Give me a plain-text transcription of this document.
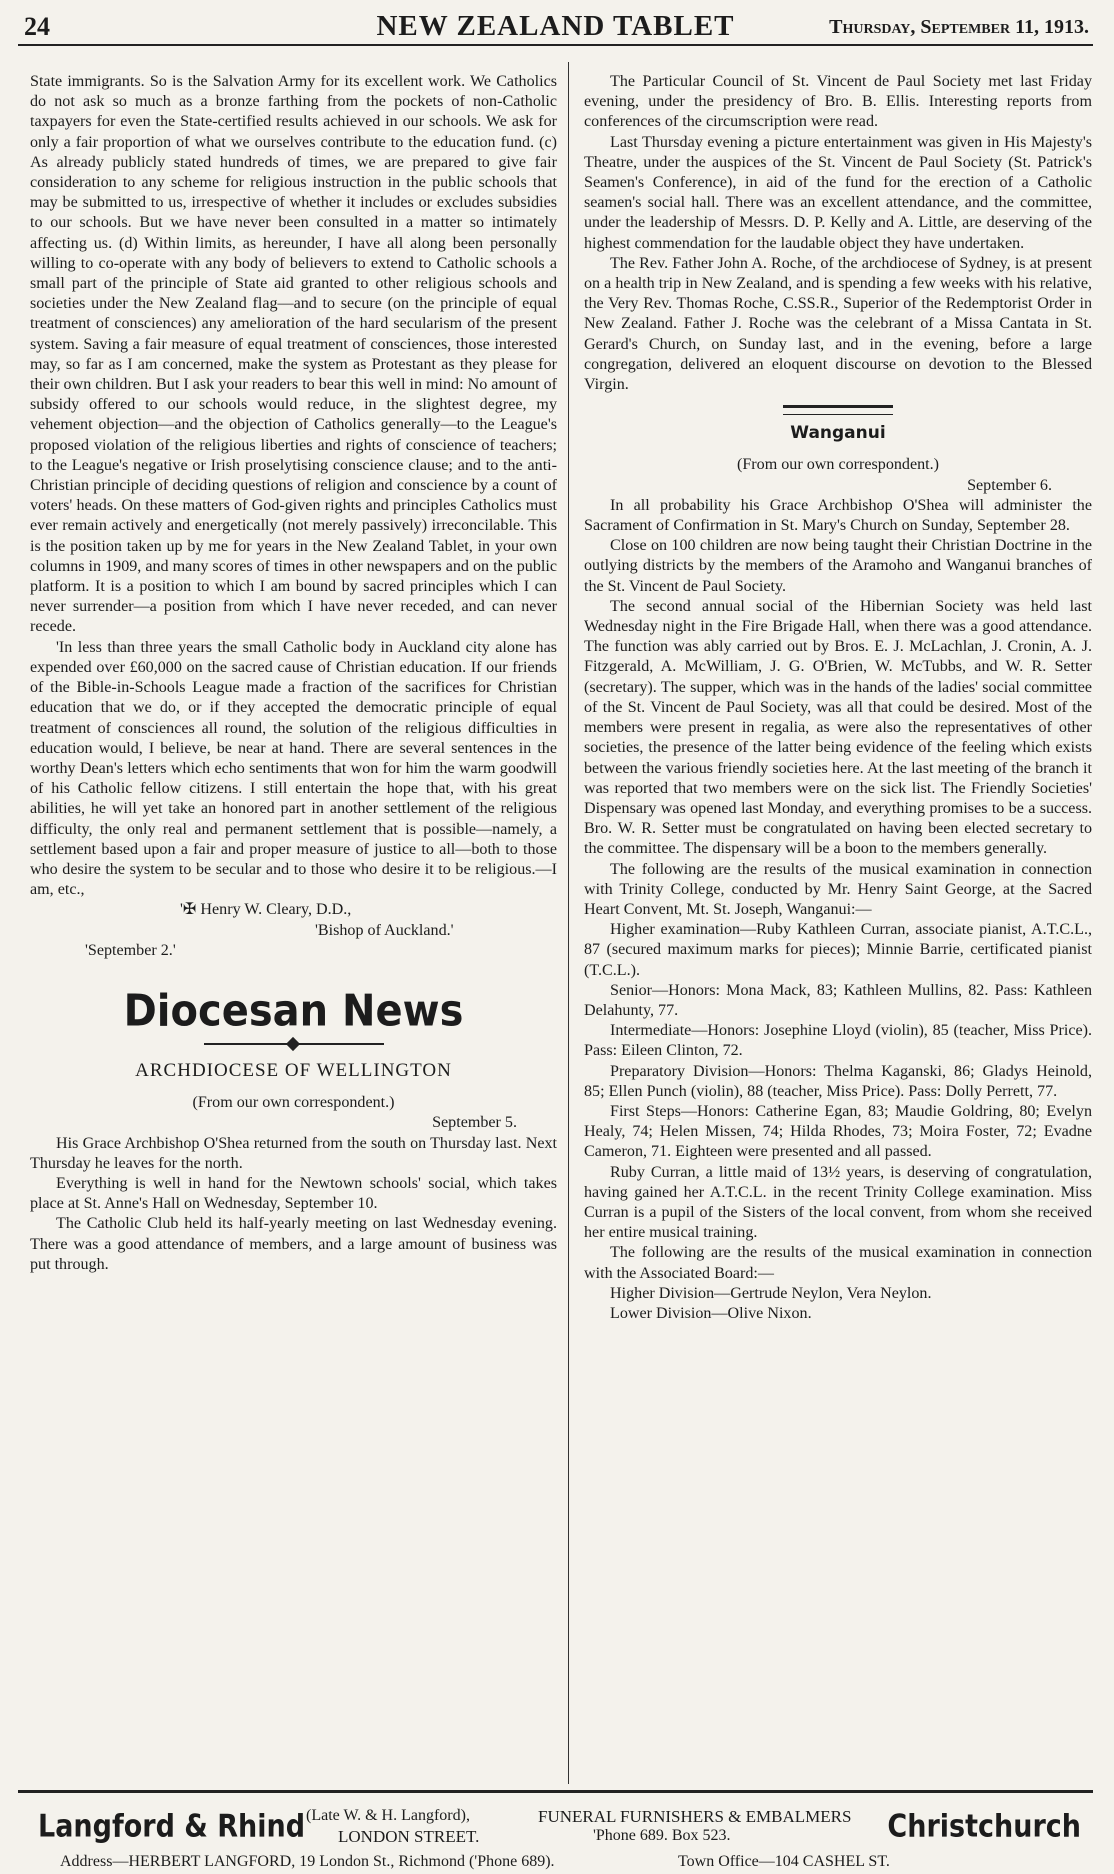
24	NEW ZEALAND TABLET	Thursday, September 11, 1913.

State immigrants. So is the Salvation Army for its excellent work. We Catholics do not ask so much as a bronze farthing from the pockets of non-Catholic taxpayers for even the State-certified results achieved in our schools. We ask for only a fair proportion of what we ourselves contribute to the education fund. (c) As already publicly stated hundreds of times, we are prepared to give fair consideration to any scheme for religious instruction in the public schools that may be submitted to us, irrespective of whether it includes or excludes subsidies to our schools. But we have never been consulted in a matter so intimately affecting us. (d) Within limits, as hereunder, I have all along been personally willing to co-operate with any body of believers to extend to Catholic schools a small part of the principle of State aid granted to other religious schools and societies under the New Zealand flag—and to secure (on the principle of equal treatment of consciences) any amelioration of the hard secularism of the present system. Saving a fair measure of equal treatment of consciences, those interested may, so far as I am concerned, make the system as Protestant as they please for their own children. But I ask your readers to bear this well in mind: No amount of subsidy offered to our schools would reduce, in the slightest degree, my vehement objection—and the objection of Catholics generally—to the League's proposed violation of the religious liberties and rights of conscience of teachers; to the League's negative or Irish proselytising conscience clause; and to the anti-Christian principle of deciding questions of religion and conscience by a count of voters' heads. On these matters of God-given rights and principles Catholics must ever remain actively and energetically (not merely passively) irreconcilable. This is the position taken up by me for years in the New Zealand Tablet, in your own columns in 1909, and many scores of times in other newspapers and on the public platform. It is a position to which I am bound by sacred principles which I can never surrender—a position from which I have never receded, and can never recede.

'In less than three years the small Catholic body in Auckland city alone has expended over £60,000 on the sacred cause of Christian education. If our friends of the Bible-in-Schools League made a fraction of the sacrifices for Christian education that we do, or if they accepted the democratic principle of equal treatment of consciences all round, the solution of the religious difficulties in education would, I believe, be near at hand. There are several sentences in the worthy Dean's letters which echo sentiments that won for him the warm goodwill of his Catholic fellow citizens. I still entertain the hope that, with his great abilities, he will yet take an honored part in another settlement of the religious difficulty, the only real and permanent settlement that is possible—namely, a settlement based upon a fair and proper measure of justice to all—both to those who desire the system to be secular and to those who desire it to be religious.—I am, etc.,

'✠ Henry W. Cleary, D.D.,

'Bishop of Auckland.'

'September 2.'

Diocesan News
ARCHDIOCESE OF WELLINGTON

(From our own correspondent.)

September 5.

His Grace Archbishop O'Shea returned from the south on Thursday last. Next Thursday he leaves for the north.

Everything is well in hand for the Newtown schools' social, which takes place at St. Anne's Hall on Wednesday, September 10.

The Catholic Club held its half-yearly meeting on last Wednesday evening. There was a good attendance of members, and a large amount of business was put through.

The Particular Council of St. Vincent de Paul Society met last Friday evening, under the presidency of Bro. B. Ellis. Interesting reports from conferences of the circumscription were read.

Last Thursday evening a picture entertainment was given in His Majesty's Theatre, under the auspices of the St. Vincent de Paul Society (St. Patrick's Seamen's Conference), in aid of the fund for the erection of a Catholic seamen's social hall. There was an excellent attendance, and the committee, under the leadership of Messrs. D. P. Kelly and A. Little, are deserving of the highest commendation for the laudable object they have undertaken.

The Rev. Father John A. Roche, of the archdiocese of Sydney, is at present on a health trip in New Zealand, and is spending a few weeks with his relative, the Very Rev. Thomas Roche, C.SS.R., Superior of the Redemptorist Order in New Zealand. Father J. Roche was the celebrant of a Missa Cantata in St. Gerard's Church, on Sunday last, and in the evening, before a large congregation, delivered an eloquent discourse on devotion to the Blessed Virgin.

Wanganui

(From our own correspondent.)

September 6.

In all probability his Grace Archbishop O'Shea will administer the Sacrament of Confirmation in St. Mary's Church on Sunday, September 28.

Close on 100 children are now being taught their Christian Doctrine in the outlying districts by the members of the Aramoho and Wanganui branches of the St. Vincent de Paul Society.

The second annual social of the Hibernian Society was held last Wednesday night in the Fire Brigade Hall, when there was a good attendance. The function was ably carried out by Bros. E. J. McLachlan, J. Cronin, A. J. Fitzgerald, A. McWilliam, J. G. O'Brien, W. McTubbs, and W. R. Setter (secretary). The supper, which was in the hands of the ladies' social committee of the St. Vincent de Paul Society, was all that could be desired. Most of the members were present in regalia, as were also the representatives of other societies, the presence of the latter being evidence of the feeling which exists between the various friendly societies here. At the last meeting of the branch it was reported that two members were on the sick list. The Friendly Societies' Dispensary was opened last Monday, and everything promises to be a success. Bro. W. R. Setter must be congratulated on having been elected secretary to the committee. The dispensary will be a boon to the members generally.

The following are the results of the musical examination in connection with Trinity College, conducted by Mr. Henry Saint George, at the Sacred Heart Convent, Mt. St. Joseph, Wanganui:—

Higher examination—Ruby Kathleen Curran, associate pianist, A.T.C.L., 87 (secured maximum marks for pieces); Minnie Barrie, certificated pianist (T.C.L.).

Senior—Honors: Mona Mack, 83; Kathleen Mullins, 82. Pass: Kathleen Delahunty, 77.

Intermediate—Honors: Josephine Lloyd (violin), 85 (teacher, Miss Price). Pass: Eileen Clinton, 72.

Preparatory Division—Honors: Thelma Kaganski, 86; Gladys Heinold, 85; Ellen Punch (violin), 88 (teacher, Miss Price). Pass: Dolly Perrett, 77.

First Steps—Honors: Catherine Egan, 83; Maudie Goldring, 80; Evelyn Healy, 74; Helen Missen, 74; Hilda Rhodes, 73; Moira Foster, 72; Evadne Cameron, 71. Eighteen were presented and all passed.

Ruby Curran, a little maid of 13½ years, is deserving of congratulation, having gained her A.T.C.L. in the recent Trinity College examination. Miss Curran is a pupil of the Sisters of the local convent, from whom she received her entire musical training.

The following are the results of the musical examination in connection with the Associated Board:—

Higher Division—Gertrude Neylon, Vera Neylon.

Lower Division—Olive Nixon.

Langford & Rhind (Late W. & H. Langford),
LONDON STREET.
FUNERAL FURNISHERS & EMBALMERS
'Phone 689. Box 523.	Christchurch
Address—HERBERT LANGFORD, 19 London St., Richmond ('Phone 689).	Town Office—104 CASHEL ST.
